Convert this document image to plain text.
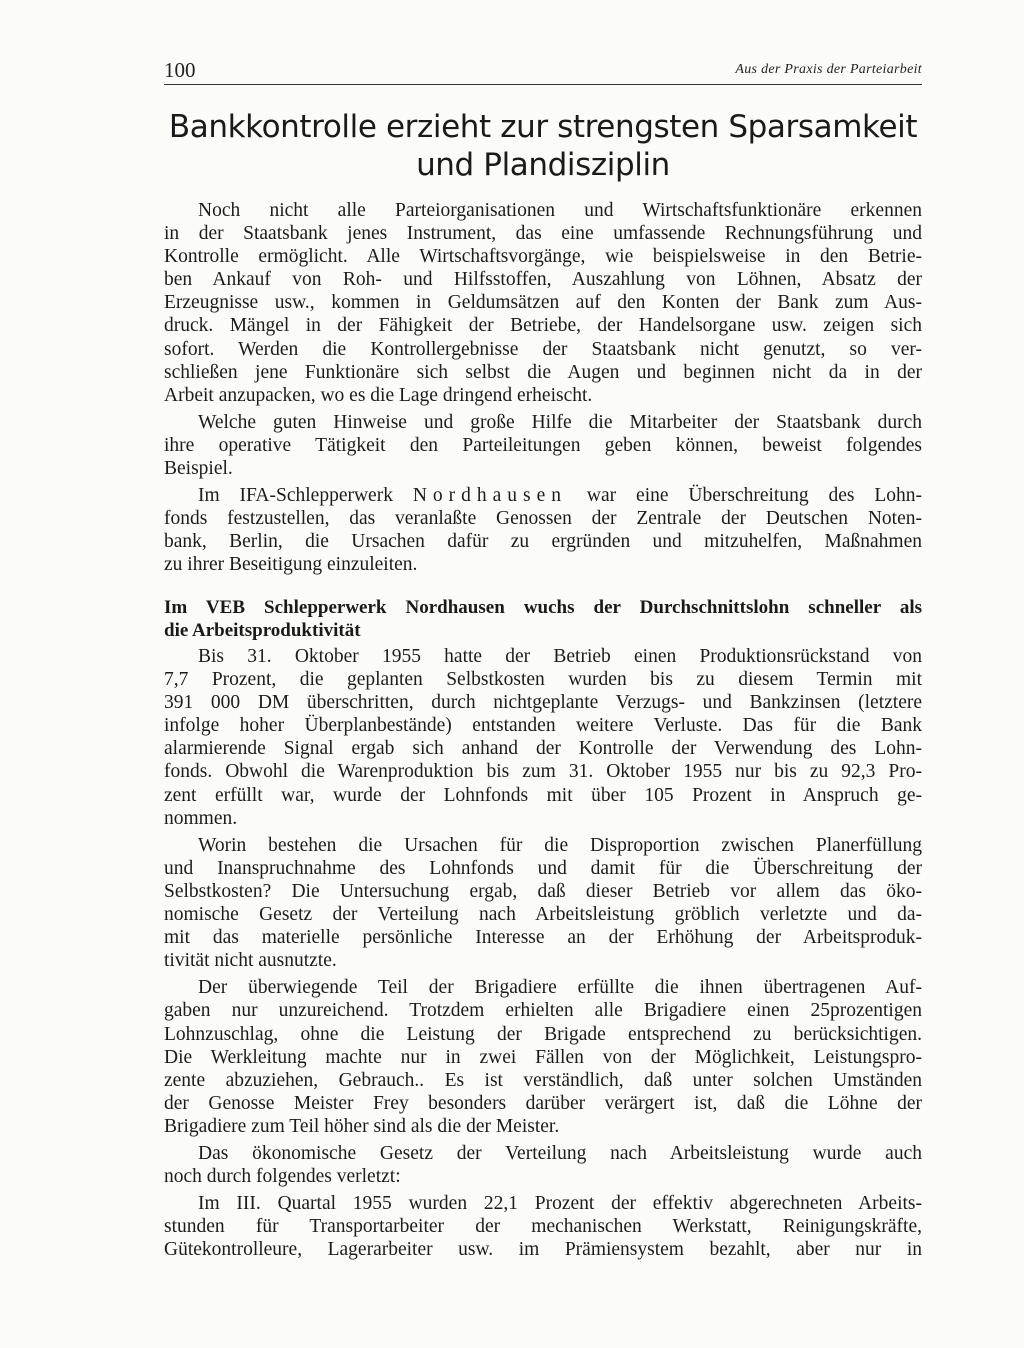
100	Aus der Praxis der Parteiarbeit
Bankkontrolle erzieht zur strengsten Sparsamkeit
und Plandisziplin

Noch nicht alle Parteiorganisationen und Wirtschaftsfunktionäre erkennen
in der Staatsbank jenes Instrument, das eine umfassende Rechnungsführung und
Kontrolle ermöglicht. Alle Wirtschaftsvorgänge, wie beispielsweise in den Betrie-
ben Ankauf von Roh- und Hilfsstoffen, Auszahlung von Löhnen, Absatz der
Erzeugnisse usw., kommen in Geldumsätzen auf den Konten der Bank zum Aus-
druck. Mängel in der Fähigkeit der Betriebe, der Handelsorgane usw. zeigen sich
sofort. Werden die Kontrollergebnisse der Staatsbank nicht genutzt, so ver-
schließen jene Funktionäre sich selbst die Augen und beginnen nicht da in der
Arbeit anzupacken, wo es die Lage dringend erheischt.

Welche guten Hinweise und große Hilfe die Mitarbeiter der Staatsbank durch
ihre operative Tätigkeit den Parteileitungen geben können, beweist folgendes
Beispiel.

Im IFA-Schlepperwerk Nordhausen war eine Überschreitung des Lohn-
fonds festzustellen, das veranlaßte Genossen der Zentrale der Deutschen Noten-
bank, Berlin, die Ursachen dafür zu ergründen und mitzuhelfen, Maßnahmen
zu ihrer Beseitigung einzuleiten.

Im VEB Schlepperwerk Nordhausen wuchs der Durchschnittslohn schneller als
die Arbeitsproduktivität

Bis 31. Oktober 1955 hatte der Betrieb einen Produktionsrückstand von
7,7 Prozent, die geplanten Selbstkosten wurden bis zu diesem Termin mit
391 000 DM überschritten, durch nichtgeplante Verzugs- und Bankzinsen (letztere
infolge hoher Überplanbestände) entstanden weitere Verluste. Das für die Bank
alarmierende Signal ergab sich anhand der Kontrolle der Verwendung des Lohn-
fonds. Obwohl die Warenproduktion bis zum 31. Oktober 1955 nur bis zu 92,3 Pro-
zent erfüllt war, wurde der Lohnfonds mit über 105 Prozent in Anspruch ge-
nommen.

Worin bestehen die Ursachen für die Disproportion zwischen Planerfüllung
und Inanspruchnahme des Lohnfonds und damit für die Überschreitung der
Selbstkosten? Die Untersuchung ergab, daß dieser Betrieb vor allem das öko-
nomische Gesetz der Verteilung nach Arbeitsleistung gröblich verletzte und da-
mit das materielle persönliche Interesse an der Erhöhung der Arbeitsproduk-
tivität nicht ausnutzte.

Der überwiegende Teil der Brigadiere erfüllte die ihnen übertragenen Auf-
gaben nur unzureichend. Trotzdem erhielten alle Brigadiere einen 25prozentigen
Lohnzuschlag, ohne die Leistung der Brigade entsprechend zu berücksichtigen.
Die Werkleitung machte nur in zwei Fällen von der Möglichkeit, Leistungspro-
zente abzuziehen, Gebrauch.. Es ist verständlich, daß unter solchen Umständen
der Genosse Meister Frey besonders darüber verärgert ist, daß die Löhne der
Brigadiere zum Teil höher sind als die der Meister.

Das ökonomische Gesetz der Verteilung nach Arbeitsleistung wurde auch
noch durch folgendes verletzt:

Im III. Quartal 1955 wurden 22,1 Prozent der effektiv abgerechneten Arbeits-
stunden für Transportarbeiter der mechanischen Werkstatt, Reinigungskräfte,
Gütekontrolleure, Lagerarbeiter usw. im Prämiensystem bezahlt, aber nur in
